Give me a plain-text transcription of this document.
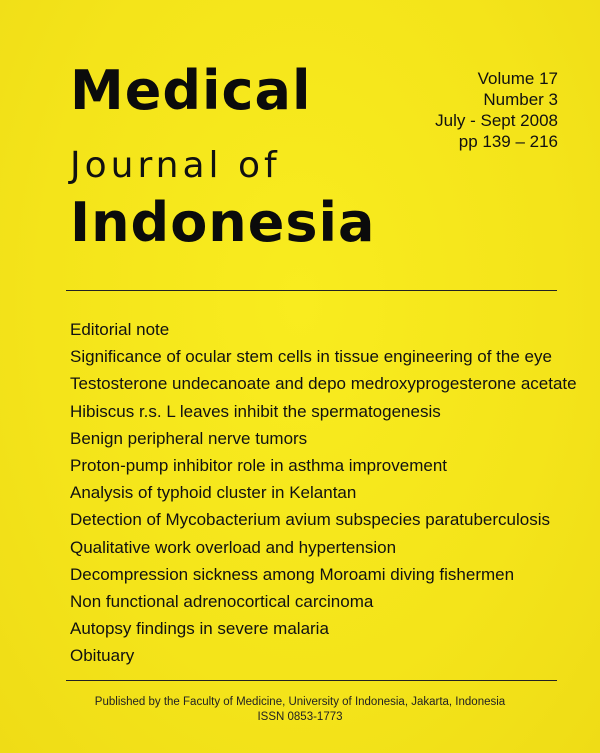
Medical
Journal of
Indonesia
Volume 17
Number 3
July - Sept 2008
pp 139 – 216
Editorial note
Significance of ocular stem cells in tissue engineering of the eye
Testosterone undecanoate and depo medroxyprogesterone acetate
Hibiscus r.s. L leaves inhibit the spermatogenesis
Benign peripheral nerve tumors
Proton-pump inhibitor role in asthma improvement
Analysis of typhoid cluster in Kelantan
Detection of Mycobacterium avium subspecies paratuberculosis
Qualitative work overload and hypertension
Decompression sickness among Moroami diving fishermen
Non functional adrenocortical carcinoma
Autopsy findings in severe malaria
Obituary
Published by the Faculty of Medicine, University of Indonesia, Jakarta, Indonesia
ISSN 0853-1773
